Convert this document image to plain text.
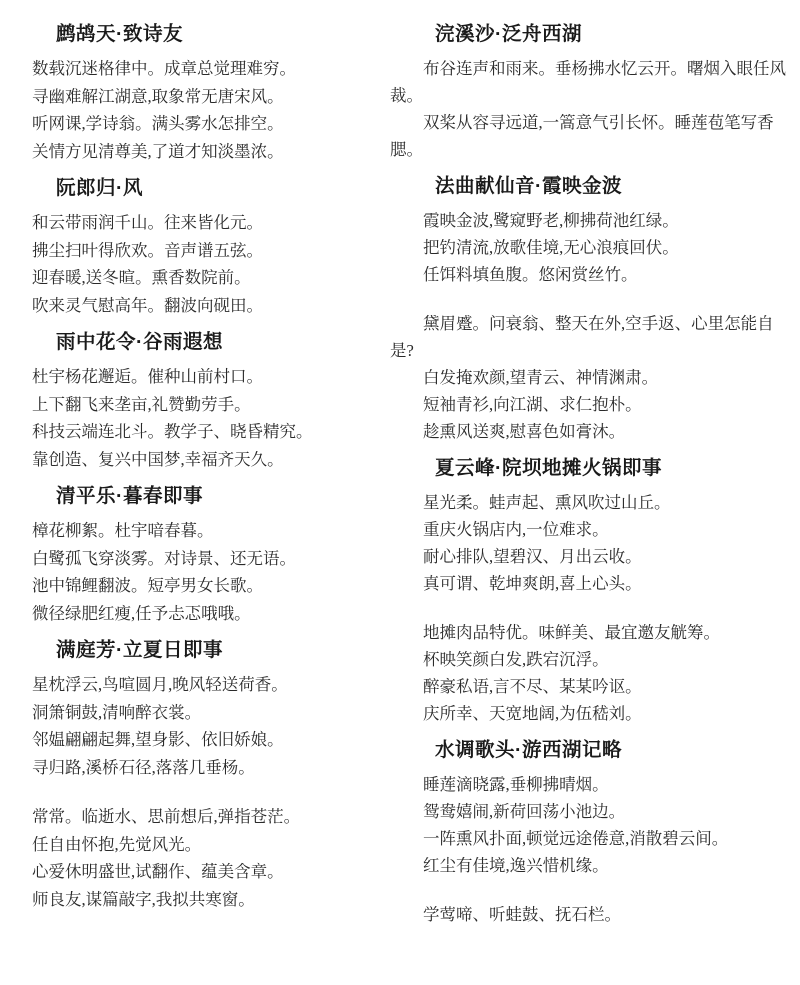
鹧鸪天·致诗友

数载沉迷格律中。成章总觉理难穷。

寻幽难解江湖意,取象常无唐宋风。

听网课,学诗翁。满头雾水怎排空。

关情方见清尊美,了道才知淡墨浓。

阮郎归·风

和云带雨润千山。往来皆化元。

拂尘扫叶得欣欢。音声谱五弦。

迎春暖,送冬暄。熏香数院前。

吹来灵气慰高年。翻波向砚田。

雨中花令·谷雨遐想

杜宇杨花邂逅。催种山前村口。

上下翻飞来垄亩,礼赞勤劳手。

科技云端连北斗。教学子、晓昏精究。

靠创造、复兴中国梦,幸福齐天久。

清平乐·暮春即事

樟花柳絮。杜宇喑春暮。

白鹭孤飞穿淡雾。对诗景、还无语。

池中锦鲤翻波。短亭男女长歌。

微径绿肥红瘦,任予忐忑哦哦。

满庭芳·立夏日即事

星枕浮云,鸟喧圆月,晚风轻送荷香。

洞箫铜鼓,清响醉衣裳。

邻媪翩翩起舞,望身影、依旧娇娘。

寻归路,溪桥石径,落落几垂杨。

常常。临逝水、思前想后,弹指苍茫。

任自由怀抱,先觉风光。

心爱休明盛世,试翻作、蕴美含章。

师良友,谋篇敲字,我拟共寒窗。

浣溪沙·泛舟西湖

布谷连声和雨来。垂杨拂水忆云开。曙烟入眼任风裁。

双桨从容寻远道,一篙意气引长怀。睡莲苞笔写香腮。

法曲献仙音·霞映金波

霞映金波,鹭窥野老,柳拂荷池红绿。

把钓清流,放歌佳境,无心浪痕回伏。

任饵料填鱼腹。悠闲赏丝竹。

黛眉蹙。问衰翁、整天在外,空手返、心里怎能自是?

白发掩欢颜,望青云、神情渊肃。

短袖青衫,向江湖、求仁抱朴。

趁熏风送爽,慰喜色如膏沐。

夏云峰·院坝地摊火锅即事

星光柔。蛙声起、熏风吹过山丘。

重庆火锅店内,一位难求。

耐心排队,望碧汉、月出云收。

真可谓、乾坤爽朗,喜上心头。

地摊肉品特优。味鲜美、最宜邀友觥筹。

杯映笑颜白发,跌宕沉浮。

醉豪私语,言不尽、某某吟讴。

庆所幸、天宽地阔,为伍嵇刘。

水调歌头·游西湖记略

睡莲滴晓露,垂柳拂晴烟。

鸳鸯嬉闹,新荷回荡小池边。

一阵熏风扑面,顿觉远途倦意,消散碧云间。

红尘有佳境,逸兴惜机缘。

学莺啼、听蛙鼓、抚石栏。
